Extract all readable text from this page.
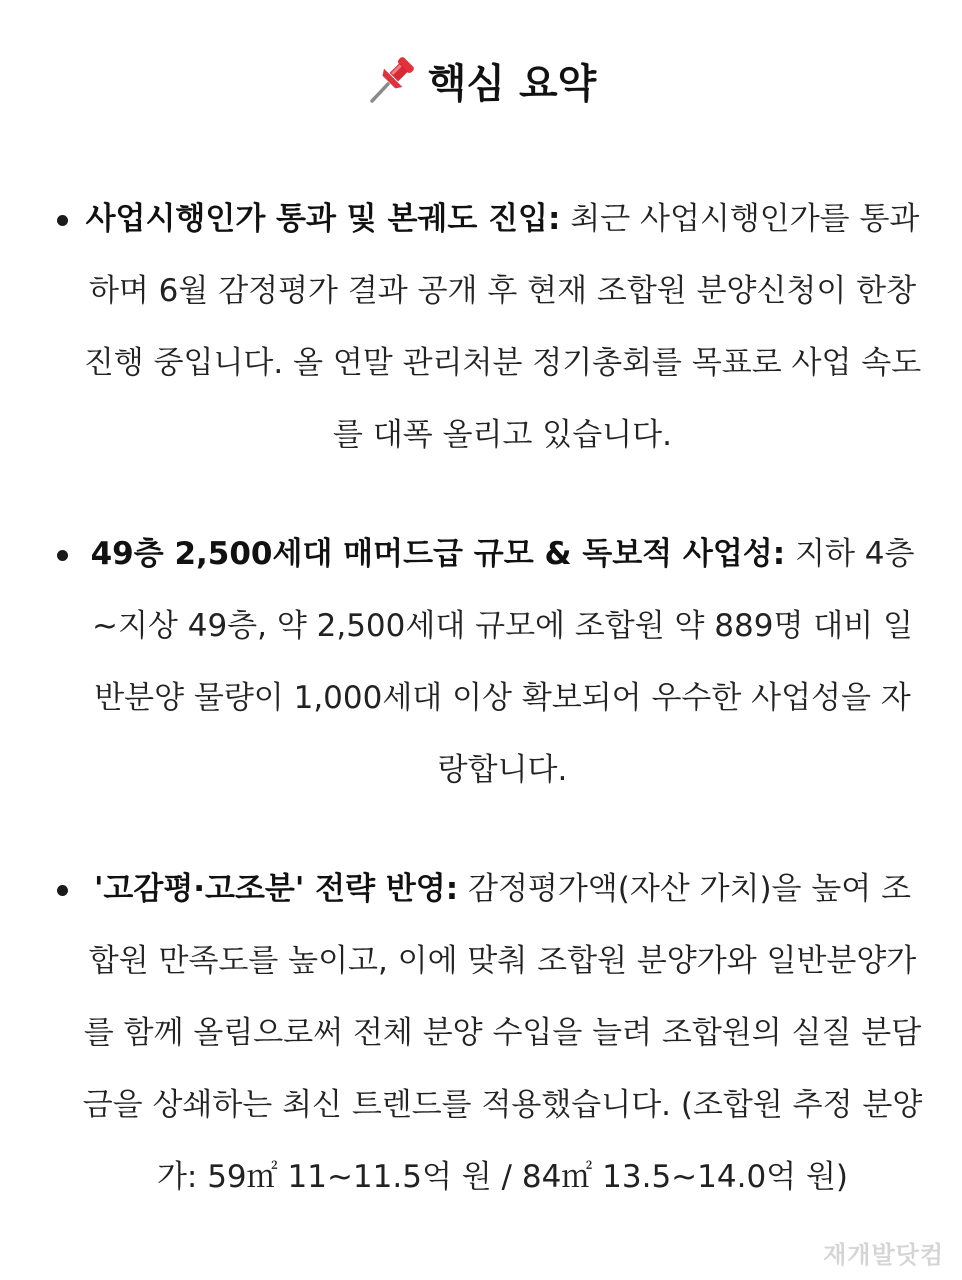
핵심 요약

사업시행인가 통과 및 본궤도 진입: 최근 사업시행인가를 통과하며 6월 감정평가 결과 공개 후 현재 조합원 분양신청이 한창 진행 중입니다. 올 연말 관리처분 정기총회를 목표로 사업 속도를 대폭 올리고 있습니다.

49층 2,500세대 매머드급 규모 & 독보적 사업성: 지하 4층~지상 49층, 약 2,500세대 규모에 조합원 약 889명 대비 일반분양 물량이 1,000세대 이상 확보되어 우수한 사업성을 자랑합니다.

'고감평·고조분' 전략 반영: 감정평가액(자산 가치)을 높여 조합원 만족도를 높이고, 이에 맞춰 조합원 분양가와 일반분양가를 함께 올림으로써 전체 분양 수입을 늘려 조합원의 실질 분담금을 상쇄하는 최신 트렌드를 적용했습니다. (조합원 추정 분양가: 59㎡ 11~11.5억 원 / 84㎡ 13.5~14.0억 원)

재개발닷컴
